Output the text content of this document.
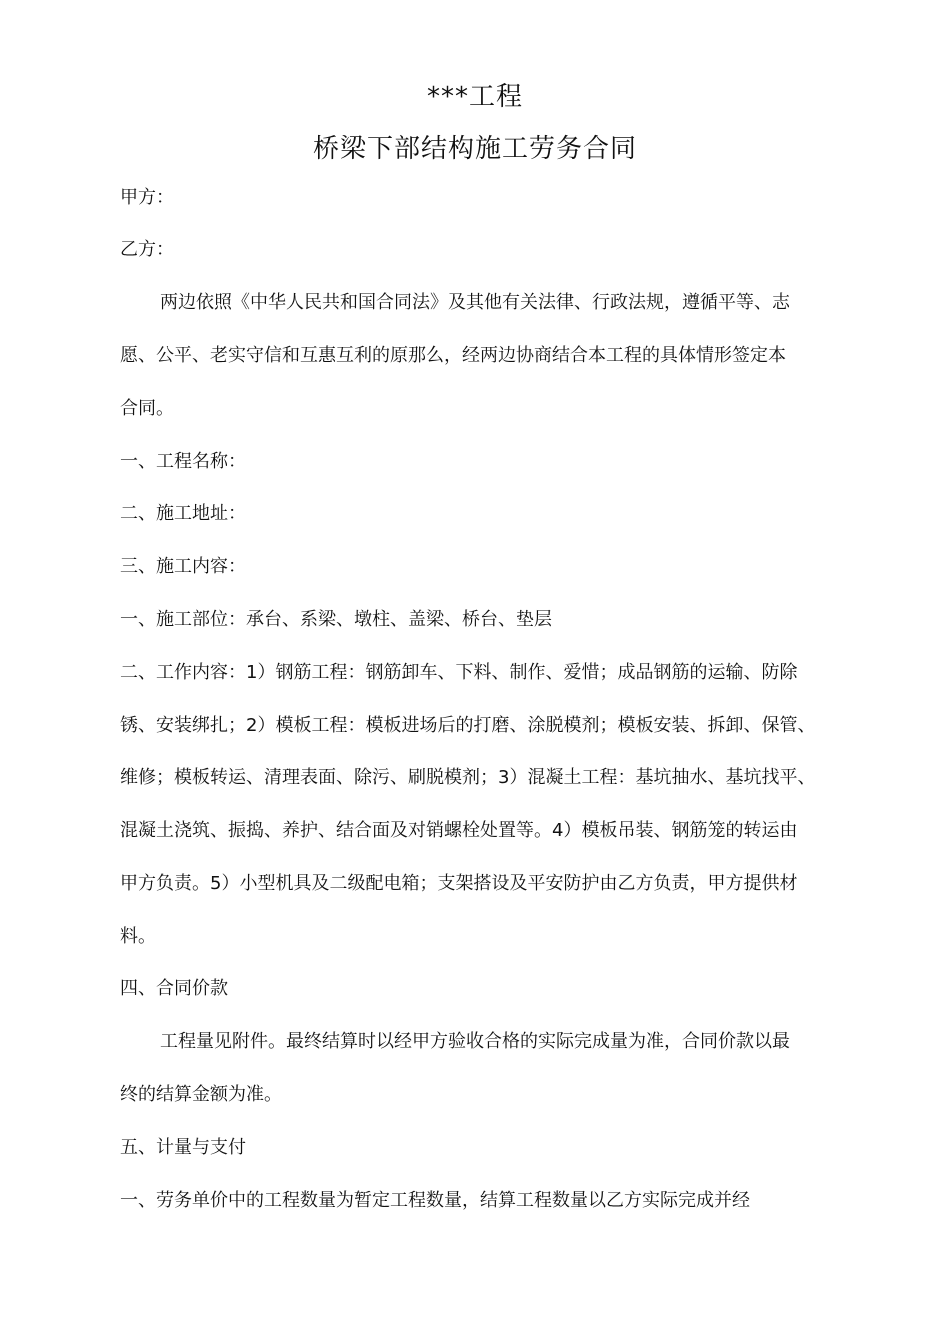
***工程
桥梁下部结构施工劳务合同

甲方：

乙方：

两边依照《中华人民共和国合同法》及其他有关法律、行政法规，遵循平等、志

愿、公平、老实守信和互惠互利的原那么，经两边协商结合本工程的具体情形签定本

合同。

一、工程名称：

二、施工地址：

三、施工内容：

一、施工部位：承台、系梁、墩柱、盖梁、桥台、垫层

二、工作内容：1）钢筋工程：钢筋卸车、下料、制作、爱惜；成品钢筋的运输、防除

锈、安装绑扎；2）模板工程：模板进场后的打磨、涂脱模剂；模板安装、拆卸、保管、

维修；模板转运、清理表面、除污、刷脱模剂；3）混凝土工程：基坑抽水、基坑找平、

混凝土浇筑、振捣、养护、结合面及对销螺栓处置等。4）模板吊装、钢筋笼的转运由

甲方负责。5）小型机具及二级配电箱；支架搭设及平安防护由乙方负责，甲方提供材

料。

四、合同价款

工程量见附件。最终结算时以经甲方验收合格的实际完成量为准，合同价款以最

终的结算金额为准。

五、计量与支付

一、劳务单价中的工程数量为暂定工程数量，结算工程数量以乙方实际完成并经
